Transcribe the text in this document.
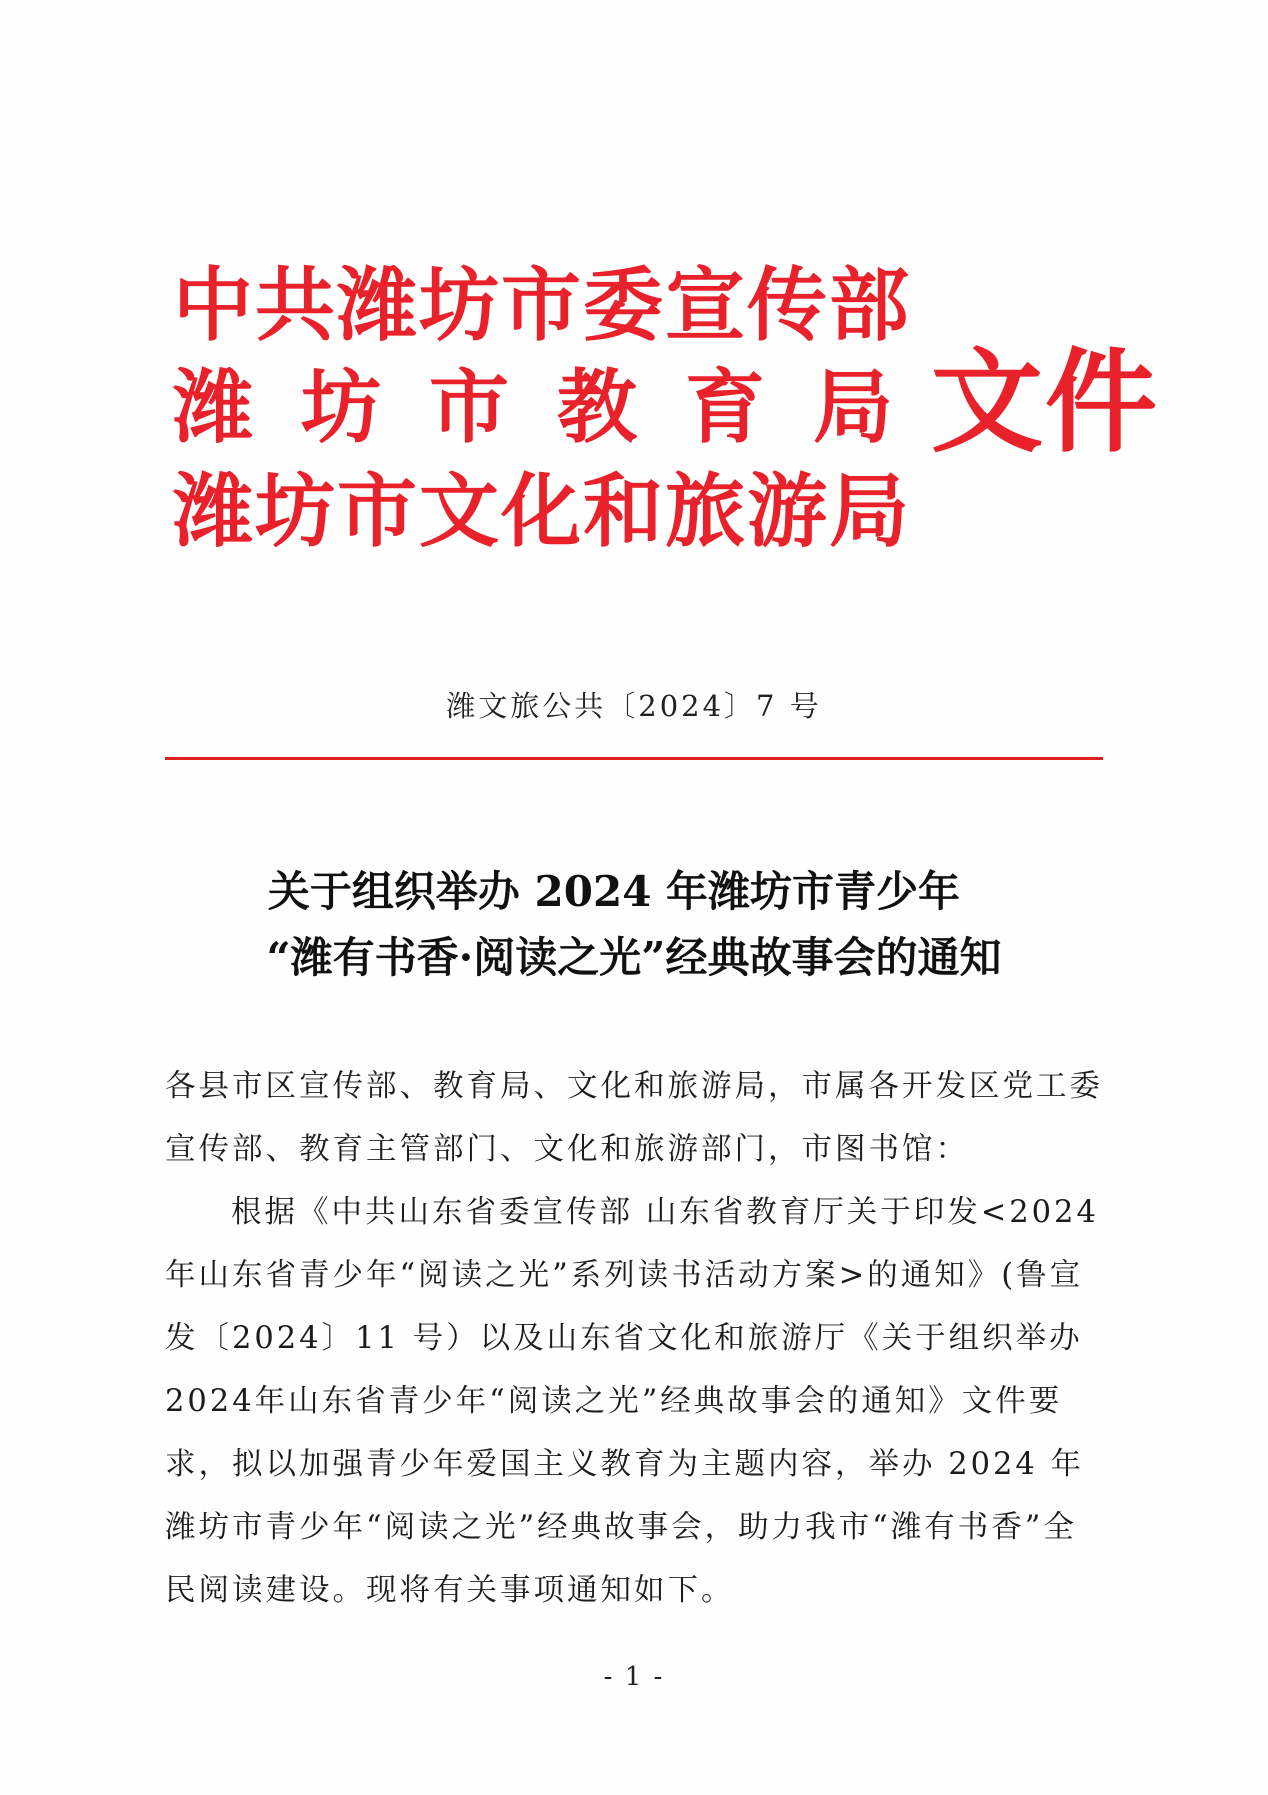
中共潍坊市委宣传部
潍坊市教育局
潍坊市文化和旅游局
文件
潍文旅公共〔2024〕7 号
关于组织举办 2024 年潍坊市青少年
“潍有书香·阅读之光”经典故事会的通知
各县市区宣传部、教育局、文化和旅游局，市属各开发区党工委宣传部、教育主管部门、文化和旅游部门，市图书馆：
根据《中共山东省委宣传部 山东省教育厅关于印发<2024年山东省青少年“阅读之光”系列读书活动方案>的通知》(鲁宣发〔2024〕11 号）以及山东省文化和旅游厅《关于组织举办 2024年山东省青少年“阅读之光”经典故事会的通知》文件要求，拟以加强青少年爱国主义教育为主题内容，举办 2024 年潍坊市青少年“阅读之光”经典故事会，助力我市“潍有书香”全民阅读建设。现将有关事项通知如下。
- 1 -
